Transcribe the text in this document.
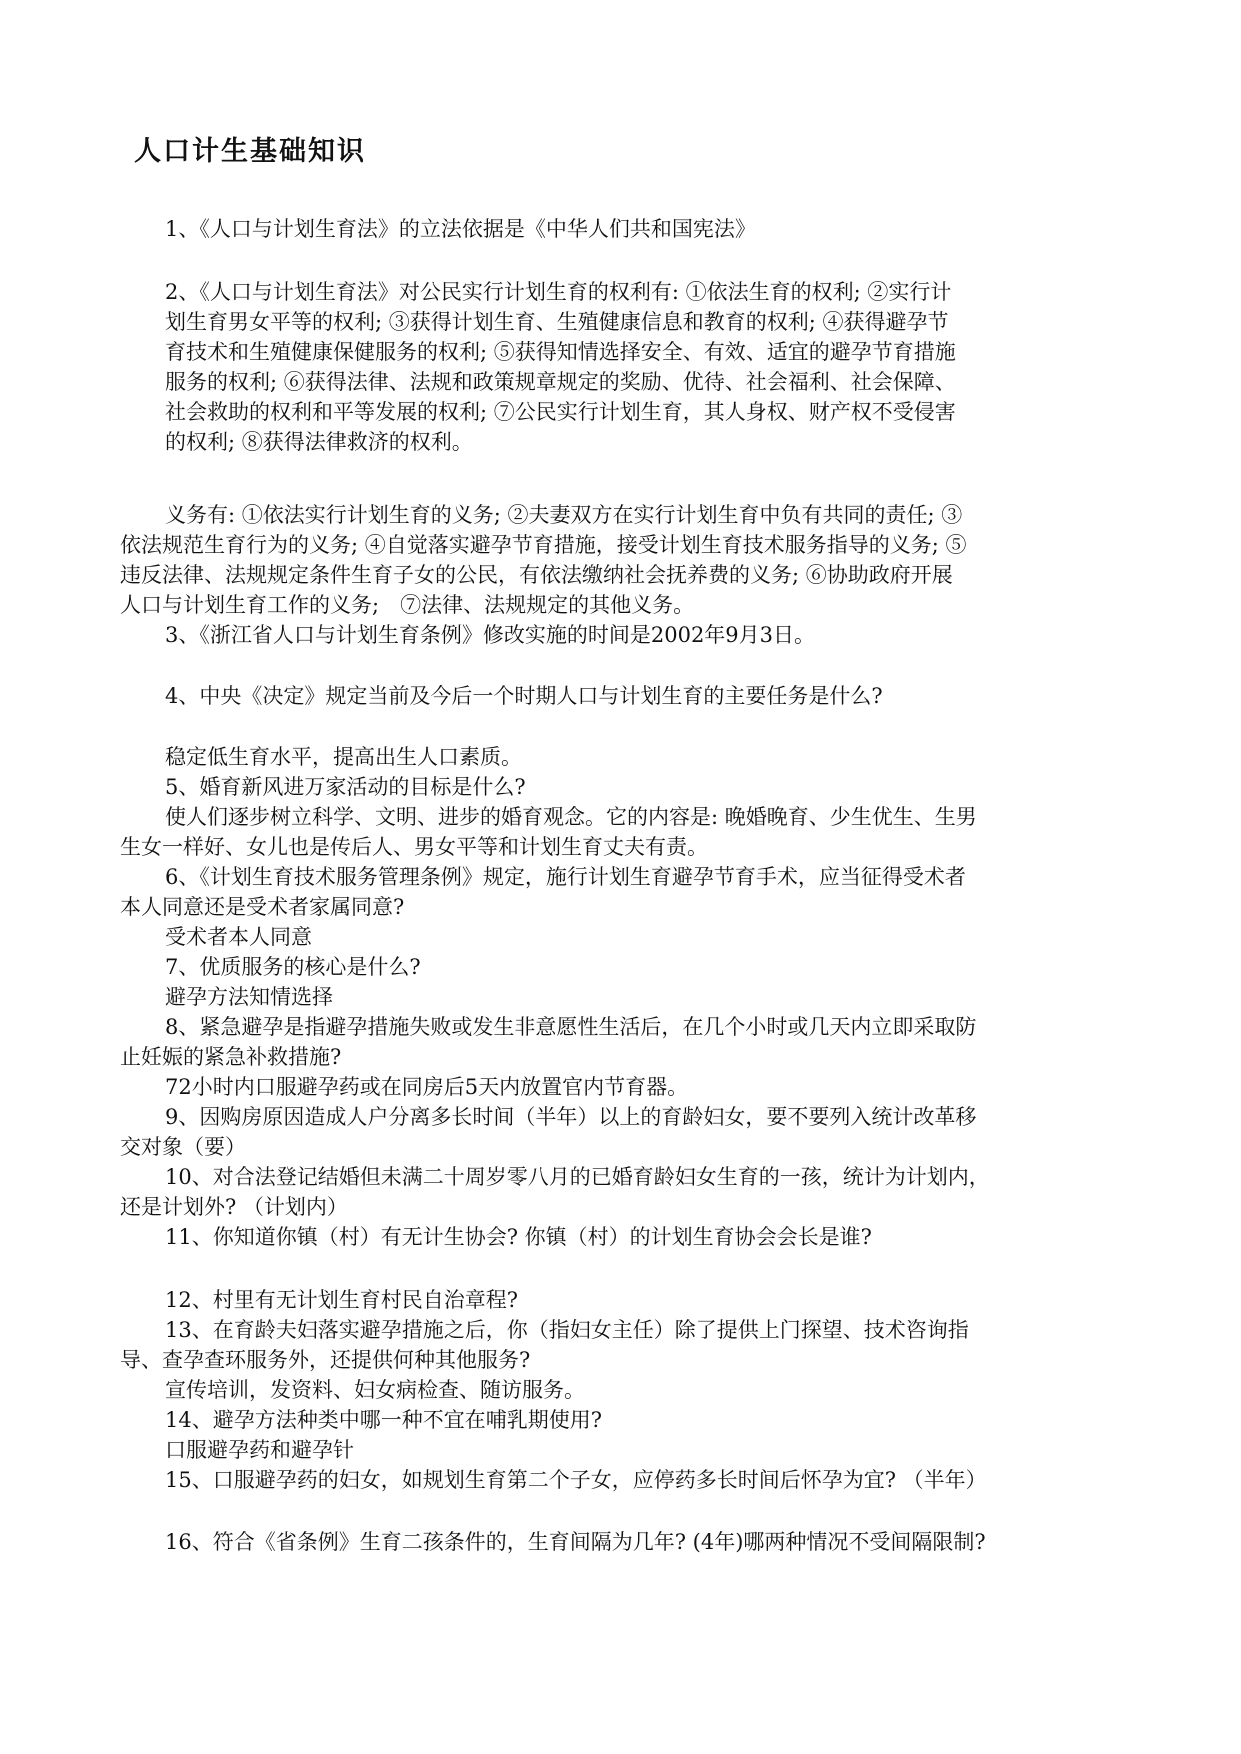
人口计生基础知识
1、《人口与计划生育法》的立法依据是《中华人们共和国宪法》
2、《人口与计划生育法》对公民实行计划生育的权利有: ①依法生育的权利; ②实行计
划生育男女平等的权利; ③获得计划生育、生殖健康信息和教育的权利; ④获得避孕节
育技术和生殖健康保健服务的权利; ⑤获得知情选择安全、有效、适宜的避孕节育措施
服务的权利; ⑥获得法律、法规和政策规章规定的奖励、优待、社会福利、社会保障、
社会救助的权利和平等发展的权利; ⑦公民实行计划生育，其人身权、财产权不受侵害
的权利; ⑧获得法律救济的权利。
义务有: ①依法实行计划生育的义务; ②夫妻双方在实行计划生育中负有共同的责任; ③
依法规范生育行为的义务; ④自觉落实避孕节育措施，接受计划生育技术服务指导的义务; ⑤
违反法律、法规规定条件生育子女的公民，有依法缴纳社会抚养费的义务; ⑥协助政府开展
人口与计划生育工作的义务;　⑦法律、法规规定的其他义务。
3、《浙江省人口与计划生育条例》修改实施的时间是2002年9月3日。
4、中央《决定》规定当前及今后一个时期人口与计划生育的主要任务是什么?
稳定低生育水平，提高出生人口素质。
5、婚育新风进万家活动的目标是什么?
使人们逐步树立科学、文明、进步的婚育观念。它的内容是: 晚婚晚育、少生优生、生男
生女一样好、女儿也是传后人、男女平等和计划生育丈夫有责。
6、《计划生育技术服务管理条例》规定，施行计划生育避孕节育手术，应当征得受术者
本人同意还是受术者家属同意?
受术者本人同意
7、优质服务的核心是什么?
避孕方法知情选择
8、紧急避孕是指避孕措施失败或发生非意愿性生活后，在几个小时或几天内立即采取防
止妊娠的紧急补救措施?
72小时内口服避孕药或在同房后5天内放置官内节育器。
9、因购房原因造成人户分离多长时间（半年）以上的育龄妇女，要不要列入统计改革移
交对象（要）
10、对合法登记结婚但未满二十周岁零八月的已婚育龄妇女生育的一孩，统计为计划内，
还是计划外? （计划内）
11、你知道你镇（村）有无计生协会? 你镇（村）的计划生育协会会长是谁?
12、村里有无计划生育村民自治章程?
13、在育龄夫妇落实避孕措施之后，你（指妇女主任）除了提供上门探望、技术咨询指
导、查孕查环服务外，还提供何种其他服务?
宣传培训，发资料、妇女病检查、随访服务。
14、避孕方法种类中哪一种不宜在哺乳期使用?
口服避孕药和避孕针
15、口服避孕药的妇女，如规划生育第二个子女，应停药多长时间后怀孕为宜? （半年）
16、符合《省条例》生育二孩条件的，生育间隔为几年? (4年)哪两种情况不受间隔限制?
